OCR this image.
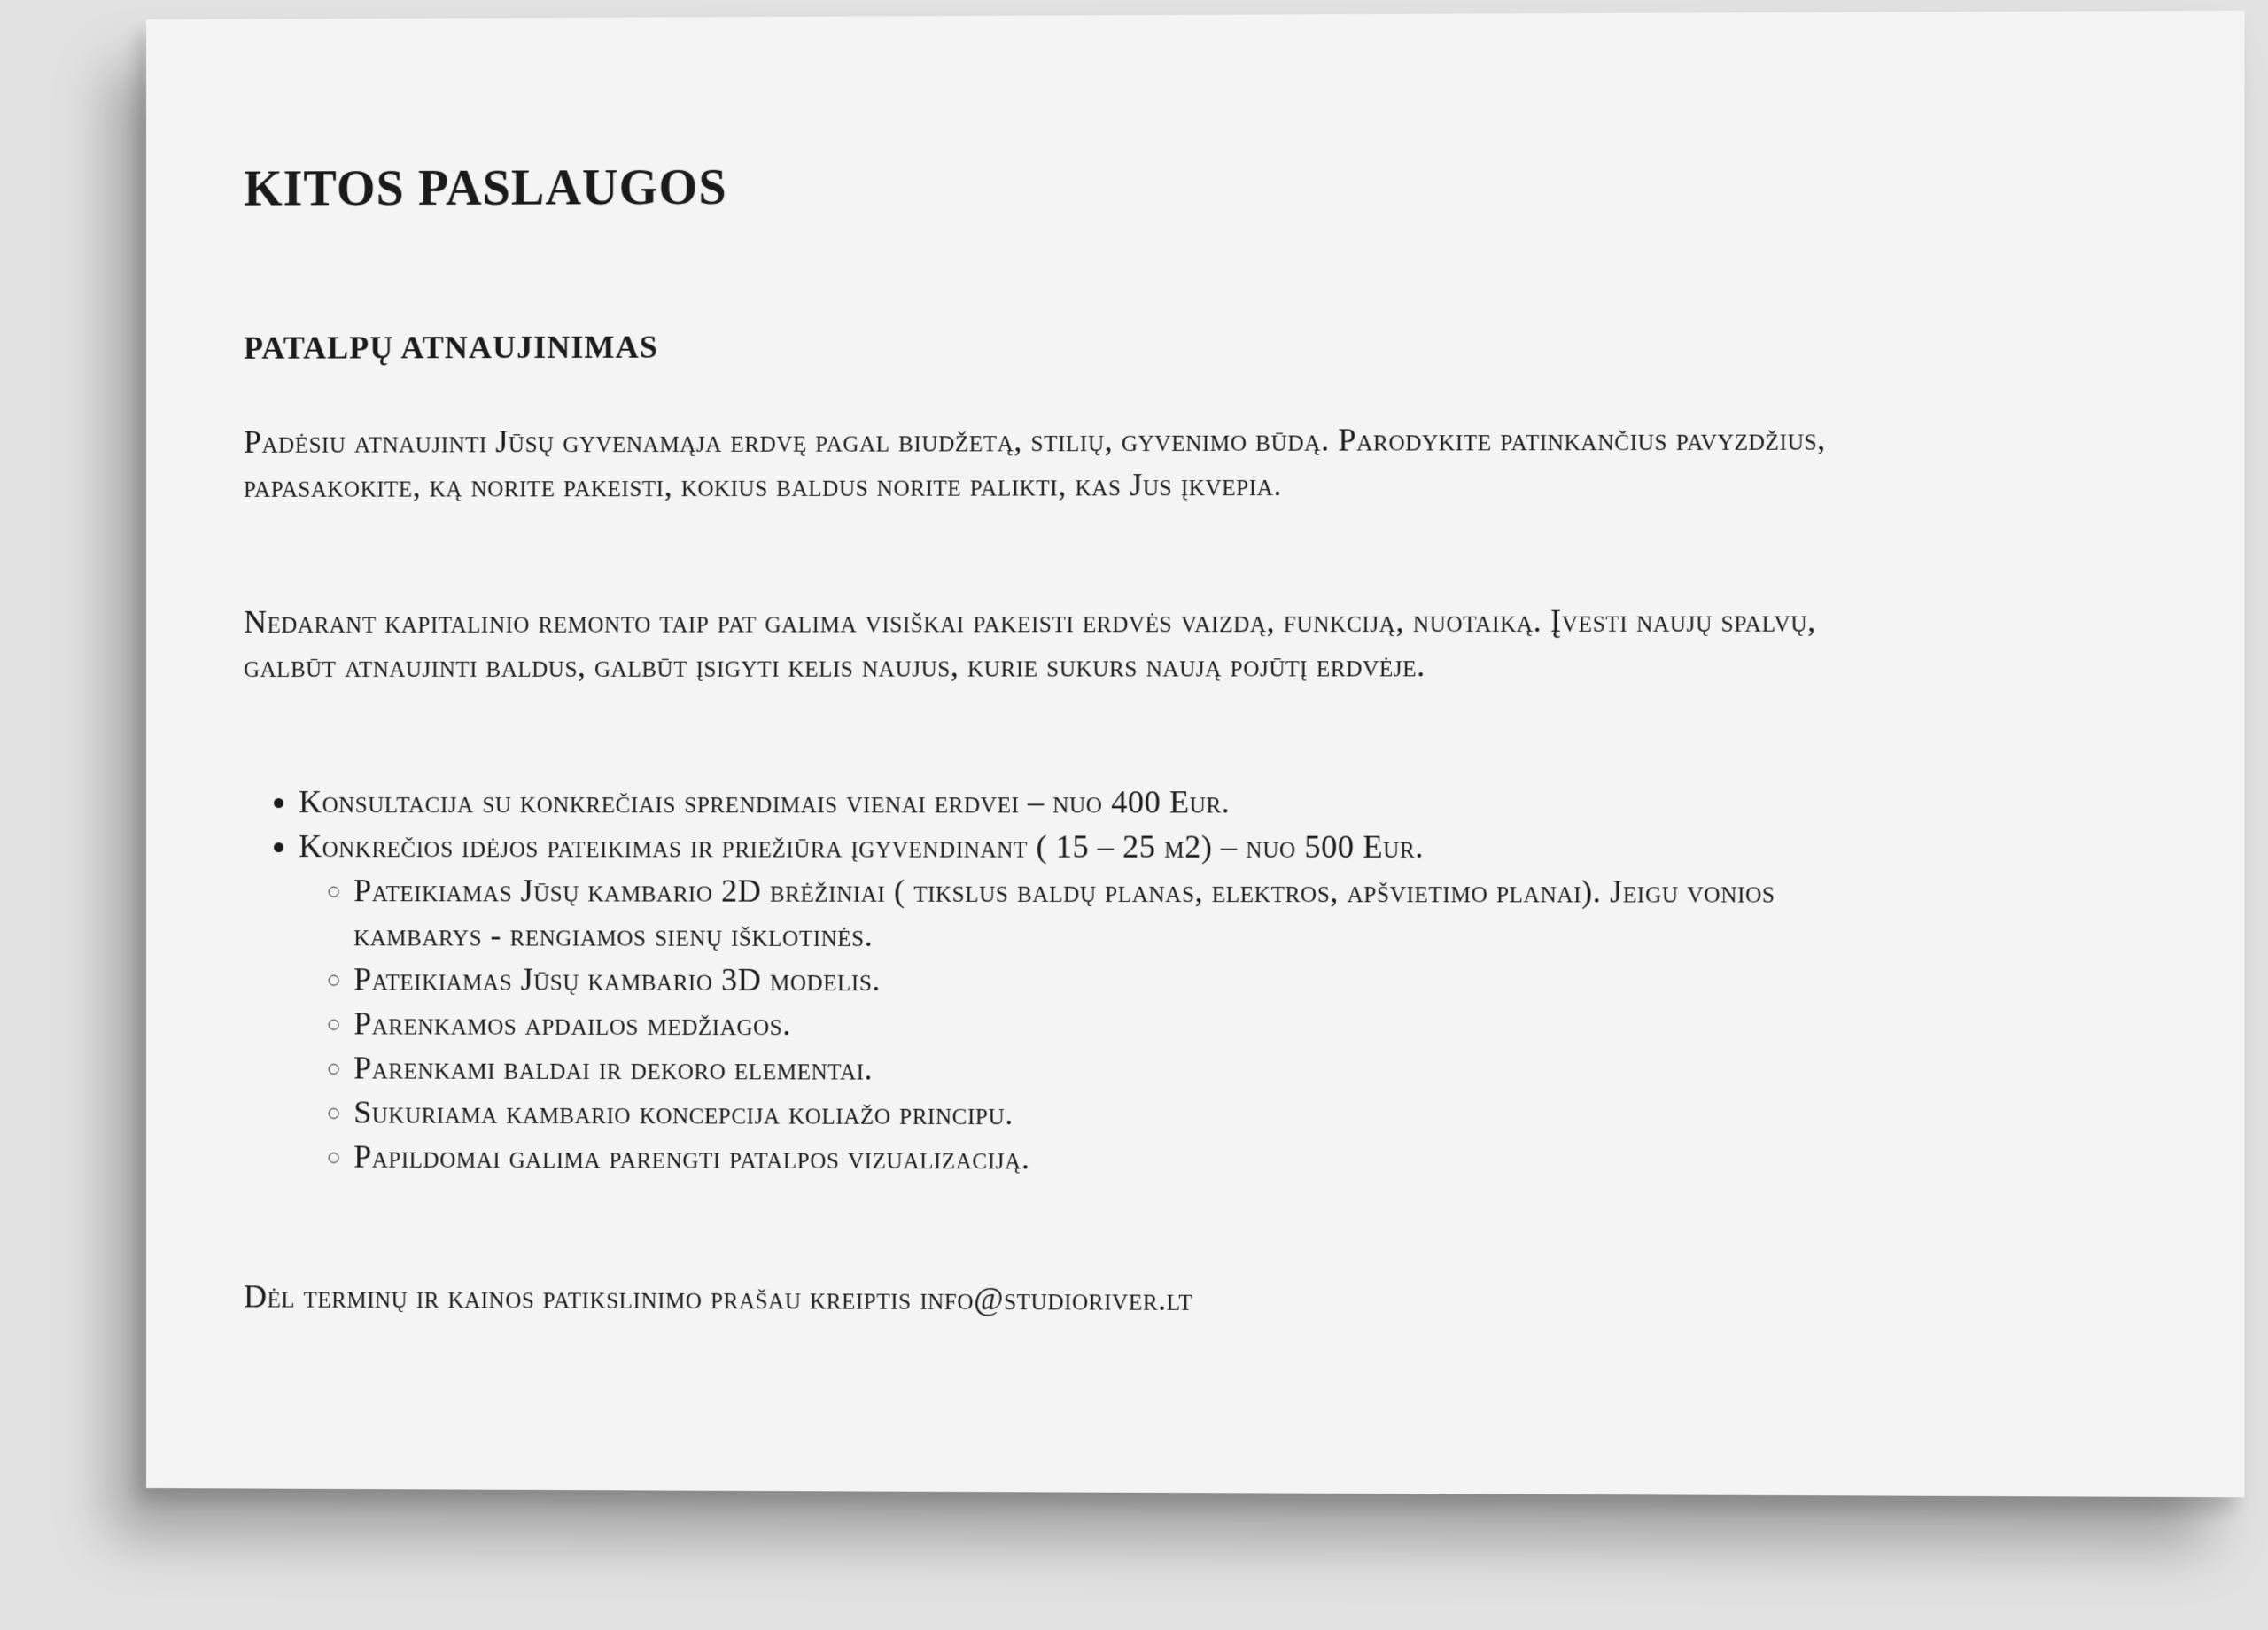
KITOS PASLAUGOS
PATALPŲ ATNAUJINIMAS

Padėsiu atnaujinti Jūsų gyvenamąja erdvę pagal biudžetą, stilių, gyvenimo būdą. Parodykite patinkančius pavyzdžius, papasakokite, ką norite pakeisti, kokius baldus norite palikti, kas Jus įkvepia.

Nedarant kapitalinio remonto taip pat galima visiškai pakeisti erdvės vaizdą, funkciją, nuotaiką. Įvesti naujų spalvų, galbūt atnaujinti baldus, galbūt įsigyti kelis naujus, kurie sukurs naują pojūtį erdvėje.

• Konsultacija su konkrečiais sprendimais vienai erdvei – nuo 400 Eur.
• Konkrečios idėjos pateikimas ir priežiūra įgyvendinant ( 15 – 25 m2) – nuo 500 Eur.
◦ Pateikiamas Jūsų kambario 2D brėžiniai ( tikslus baldų planas, elektros, apšvietimo planai). Jeigu vonios kambarys - rengiamos sienų išklotinės.
◦ Pateikiamas Jūsų kambario 3D modelis.
◦ Parenkamos apdailos medžiagos.
◦ Parenkami baldai ir dekoro elementai.
◦ Sukuriama kambario koncepcija koliažo principu.
◦ Papildomai galima parengti patalpos vizualizaciją.

Dėl terminų ir kainos patikslinimo prašau kreiptis info@studioriver.lt
